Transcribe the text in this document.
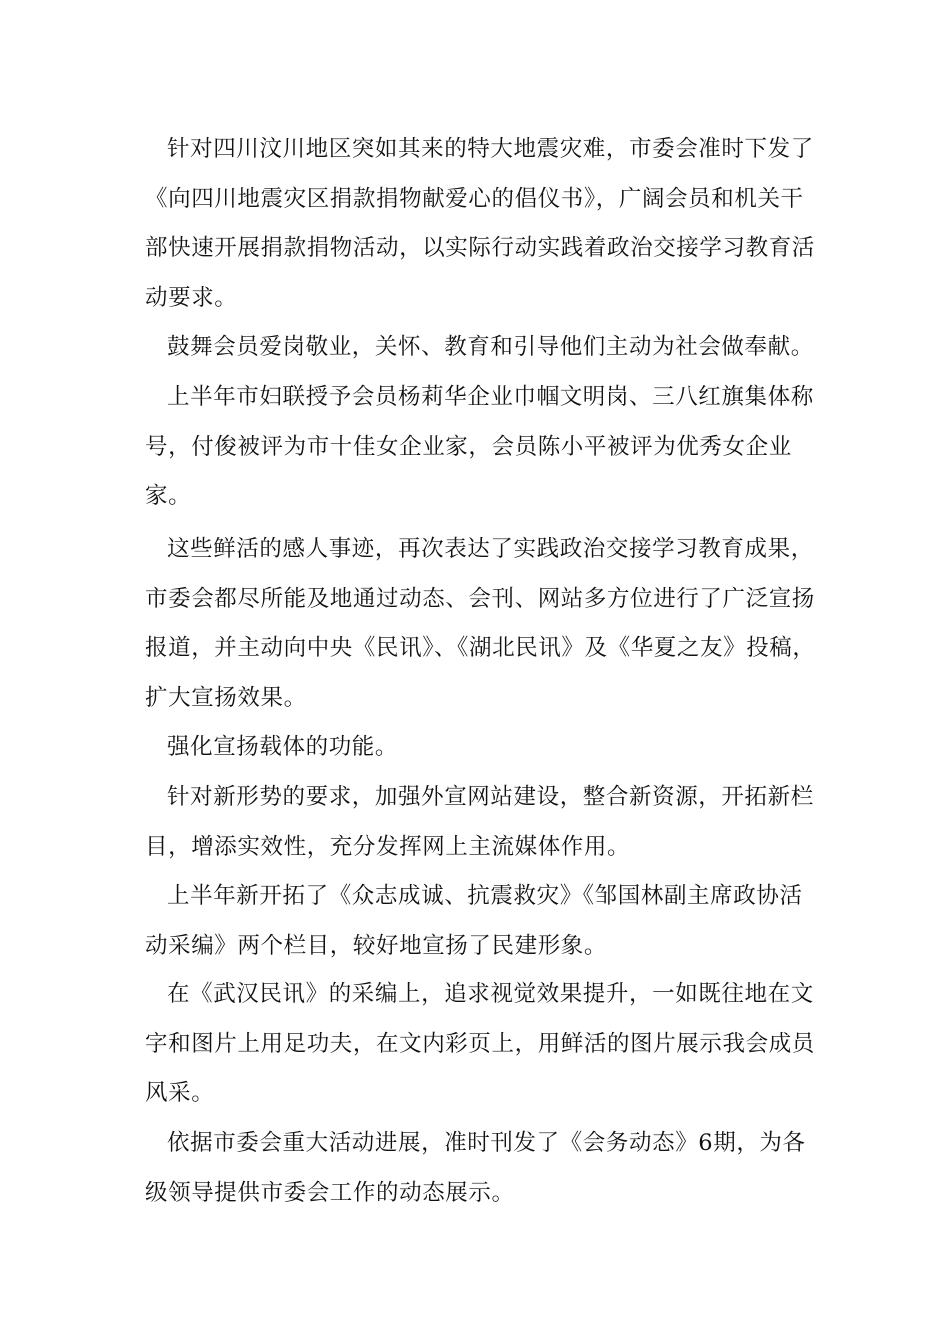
针对四川汶川地区突如其来的特大地震灾难，市委会准时下发了《向四川地震灾区捐款捐物献爱心的倡仪书》，广阔会员和机关干部快速开展捐款捐物活动，以实际行动实践着政治交接学习教育活动要求。

鼓舞会员爱岗敬业，关怀、教育和引导他们主动为社会做奉献。

上半年市妇联授予会员杨莉华企业巾帼文明岗、三八红旗集体称号，付俊被评为市十佳女企业家，会员陈小平被评为优秀女企业家。

这些鲜活的感人事迹，再次表达了实践政治交接学习教育成果，市委会都尽所能及地通过动态、会刊、网站多方位进行了广泛宣扬报道，并主动向中央《民讯》、《湖北民讯》及《华夏之友》投稿，扩大宣扬效果。

强化宣扬载体的功能。

针对新形势的要求，加强外宣网站建设，整合新资源，开拓新栏目，增添实效性，充分发挥网上主流媒体作用。

上半年新开拓了《众志成诚、抗震救灾》《邹国林副主席政协活动采编》两个栏目，较好地宣扬了民建形象。

在《武汉民讯》的采编上，追求视觉效果提升，一如既往地在文字和图片上用足功夫，在文内彩页上，用鲜活的图片展示我会成员风采。

依据市委会重大活动进展，准时刊发了《会务动态》6期，为各级领导提供市委会工作的动态展示。
